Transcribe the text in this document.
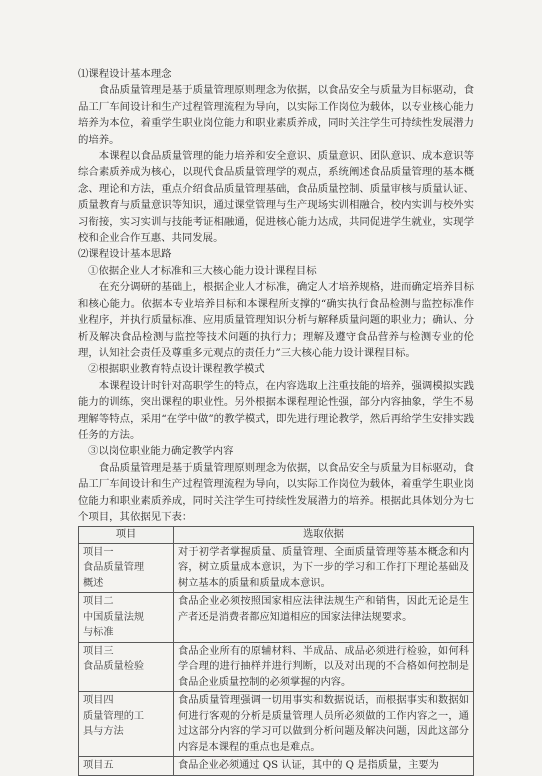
⑴课程设计基本理念

食品质量管理是基于质量管理原则理念为依据，以食品安全与质量为目标驱动，食品工厂车间设计和生产过程管理流程为导向，以实际工作岗位为载体，以专业核心能力培养为本位，着重学生职业岗位能力和职业素质养成，同时关注学生可持续性发展潜力的培养。

本课程以食品质量管理的能力培养和安全意识、质量意识、团队意识、成本意识等综合素质养成为核心，以现代食品质量管理学的观点，系统阐述食品质量管理的基本概念、理论和方法，重点介绍食品质量管理基础，食品质量控制、质量审核与质量认证、质量教育与质量意识等知识，通过课堂管理与生产现场实训相融合，校内实训与校外实习衔接，实习实训与技能考证相融通，促进核心能力达成，共同促进学生就业，实现学校和企业合作互惠、共同发展。

⑵课程设计基本思路

①依据企业人才标准和三大核心能力设计课程目标

在充分调研的基础上，根据企业人才标准，确定人才培养规格，进而确定培养目标和核心能力。依据本专业培养目标和本课程所支撑的“确实执行食品检测与监控标准作业程序，并执行质量标准、应用质量管理知识分析与解释质量问题的职业力；确认、分析及解决食品检测与监控等技术问题的执行力；理解及遵守食品营养与检测专业的伦理，认知社会责任及尊重多元观点的责任力”三大核心能力设计课程目标。

②根据职业教育特点设计课程教学模式

本课程设计时针对高职学生的特点，在内容选取上注重技能的培养，强调模拟实践能力的训练，突出课程的职业性。另外根据本课程理论性强，部分内容抽象，学生不易理解等特点，采用“在学中做”的教学模式，即先进行理论教学，然后再给学生安排实践任务的方法。

③以岗位职业能力确定教学内容

食品质量管理是基于质量管理原则理念为依据，以食品安全与质量为目标驱动，食品工厂车间设计和生产过程管理流程为导向，以实际工作岗位为载体，着重学生职业岗位能力和职业素质养成，同时关注学生可持续性发展潜力的培养。根据此具体划分为七个项目，其依据见下表：

项目	选取依据

项目一
食品质量管理
概述	对于初学者掌握质量、质量管理、全面质量管理等基本概念和内容，树立质量成本意识，为下一步的学习和工作打下理论基础及树立基本的质量和质量成本意识。

项目二
中国质量法规
与标准	食品企业必须按照国家相应法律法规生产和销售，因此无论是生产者还是消费者都应知道相应的国家法律法规要求。

项目三
食品质量检验	食品企业所有的原辅材料、半成品、成品必须进行检验，如何科学合理的进行抽样并进行判断，以及对出现的不合格如何控制是食品企业质量控制的必须掌握的内容。

项目四
质量管理的工
具与方法	食品质量管理强调一切用事实和数据说话，而根据事实和数据如何进行客观的分析是质量管理人员所必须做的工作内容之一，通过这部分内容的学习可以做到分析问题及解决问题，因此这部分内容是本课程的重点也是难点。

项目五	食品企业必须通过 QS 认证，其中的 Q 是指质量，主要为
